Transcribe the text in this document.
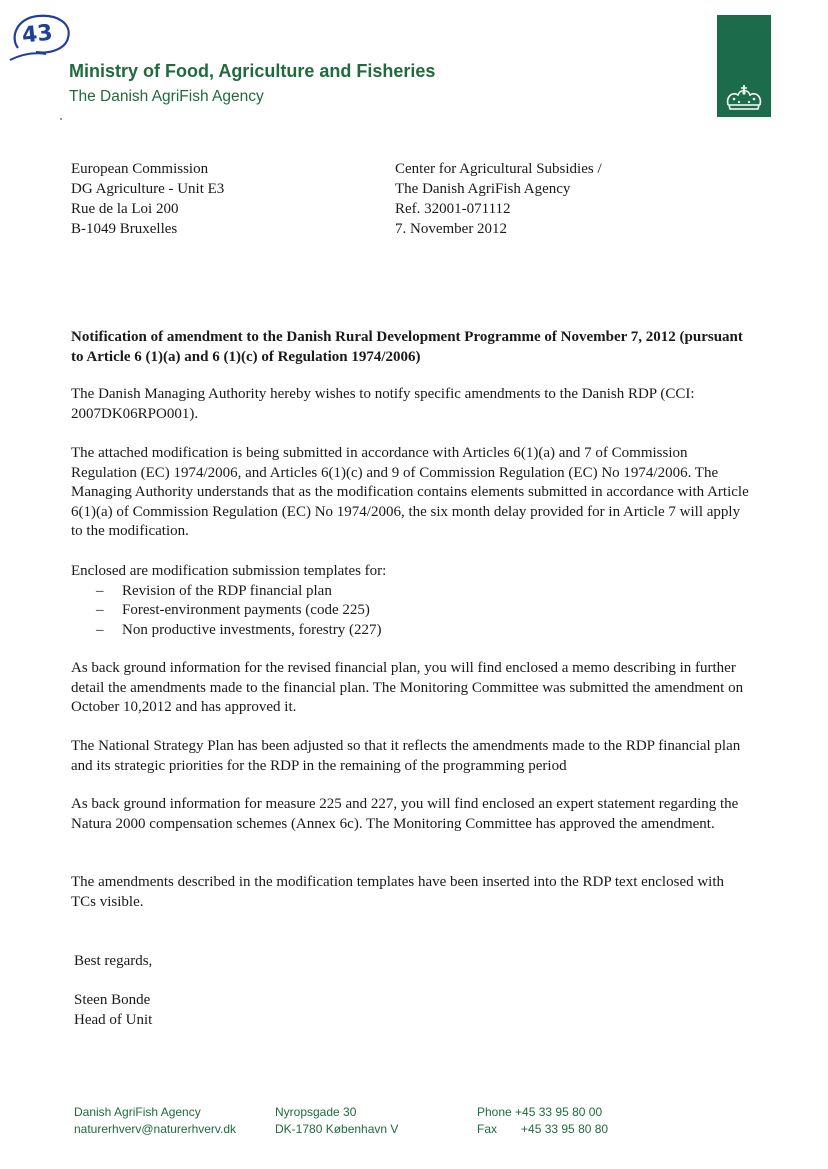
43
Ministry of Food, Agriculture and Fisheries
The Danish AgriFish Agency
European Commission
DG Agriculture - Unit E3
Rue de la Loi 200
B-1049 Bruxelles
Center for Agricultural Subsidies /
The Danish AgriFish Agency
Ref. 32001-071112
7. November 2012
Notification of amendment to the Danish Rural Development Programme of November 7, 2012 (pursuant to Article 6 (1)(a) and 6 (1)(c) of Regulation 1974/2006)
The Danish Managing Authority hereby wishes to notify specific amendments to the Danish RDP (CCI: 2007DK06RPO001).
The attached modification is being submitted in accordance with Articles 6(1)(a) and 7 of Commission Regulation (EC) 1974/2006, and Articles 6(1)(c) and 9 of Commission Regulation (EC) No 1974/2006. The Managing Authority understands that as the modification contains elements submitted in accordance with Article 6(1)(a) of Commission Regulation (EC) No 1974/2006, the six month delay provided for in Article 7 will apply to the modification.
Enclosed are modification submission templates for:
– Revision of the RDP financial plan
– Forest-environment payments (code 225)
– Non productive investments, forestry (227)
As back ground information for the revised financial plan, you will find enclosed a memo describing in further detail the amendments made to the financial plan. The Monitoring Committee was submitted the amendment on October 10,2012 and has approved it.
The National Strategy Plan has been adjusted so that it reflects the amendments made to the RDP financial plan and its strategic priorities for the RDP in the remaining of the programming period
As back ground information for measure 225 and 227, you will find enclosed an expert statement regarding the Natura 2000 compensation schemes (Annex 6c). The Monitoring Committee has approved the amendment.
The amendments described in the modification templates have been inserted into the RDP text enclosed with TCs visible.
Best regards,
Steen Bonde
Head of Unit
Danish AgriFish Agency
naturerhverv@naturerhverv.dk
Nyropsgade 30
DK-1780 København V
Phone +45 33 95 80 00
Fax +45 33 95 80 80
